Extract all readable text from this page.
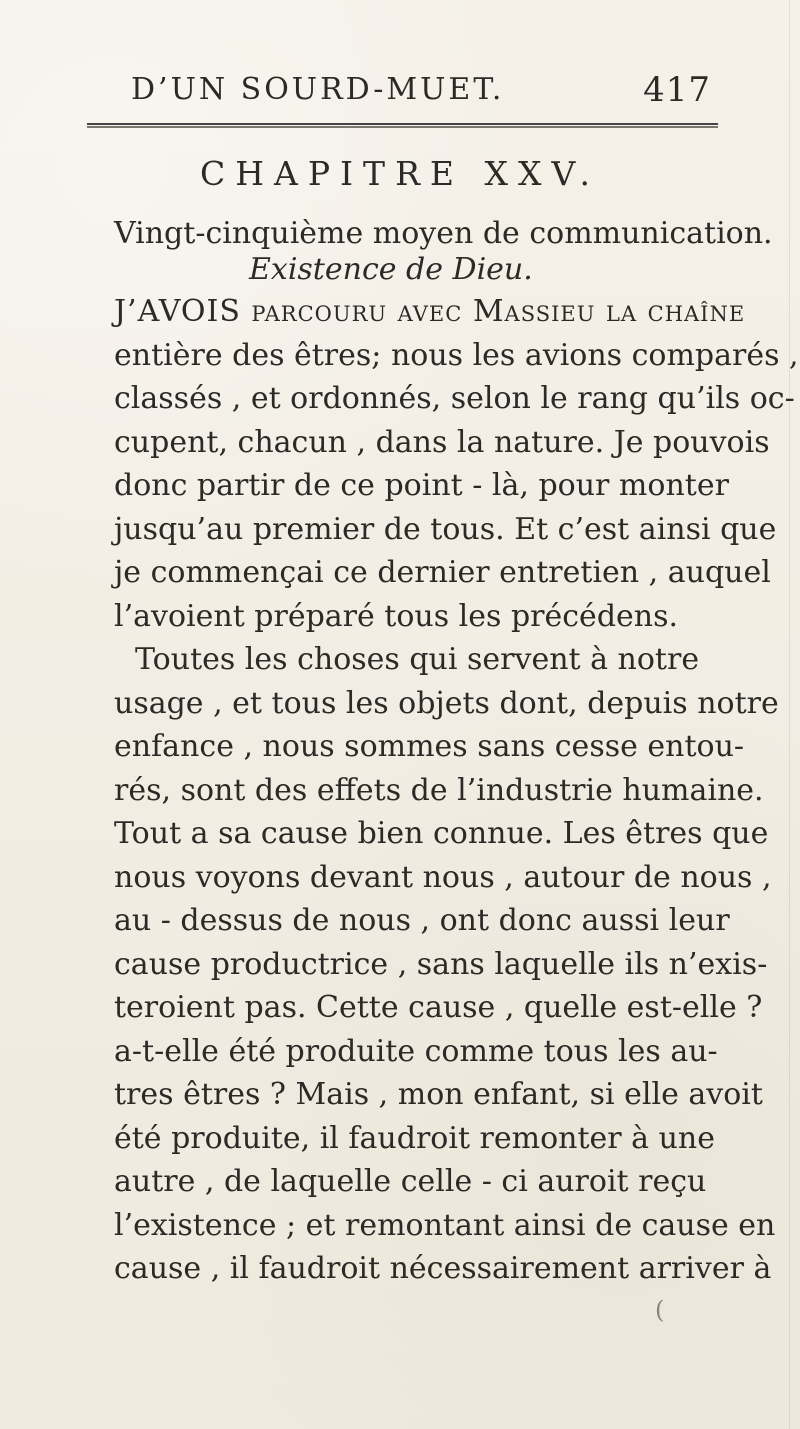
D’UN SOURD-MUET.	417
CHAPITRE XXV.
Vingt-cinquième moyen de communication.
Existence de Dieu.
J’AVOIS parcouru avec Massieu la chaîne
entière des êtres; nous les avions comparés ,
classés , et ordonnés, selon le rang qu’ils oc-
cupent, chacun , dans la nature. Je pouvois
donc partir de ce point - là, pour monter
jusqu’au premier de tous. Et c’est ainsi que
je commençai ce dernier entretien , auquel
l’avoient préparé tous les précédens.
Toutes les choses qui servent à notre
usage , et tous les objets dont, depuis notre
enfance , nous sommes sans cesse entou-
rés, sont des effets de l’industrie humaine.
Tout a sa cause bien connue. Les êtres que
nous voyons devant nous , autour de nous ,
au - dessus de nous , ont donc aussi leur
cause productrice , sans laquelle ils n’exis-
teroient pas. Cette cause , quelle est-elle ?
a-t-elle été produite comme tous les au-
tres êtres ? Mais , mon enfant, si elle avoit
été produite, il faudroit remonter à une
autre , de laquelle celle - ci auroit reçu
l’existence ; et remontant ainsi de cause en
cause , il faudroit nécessairement arriver à
(
